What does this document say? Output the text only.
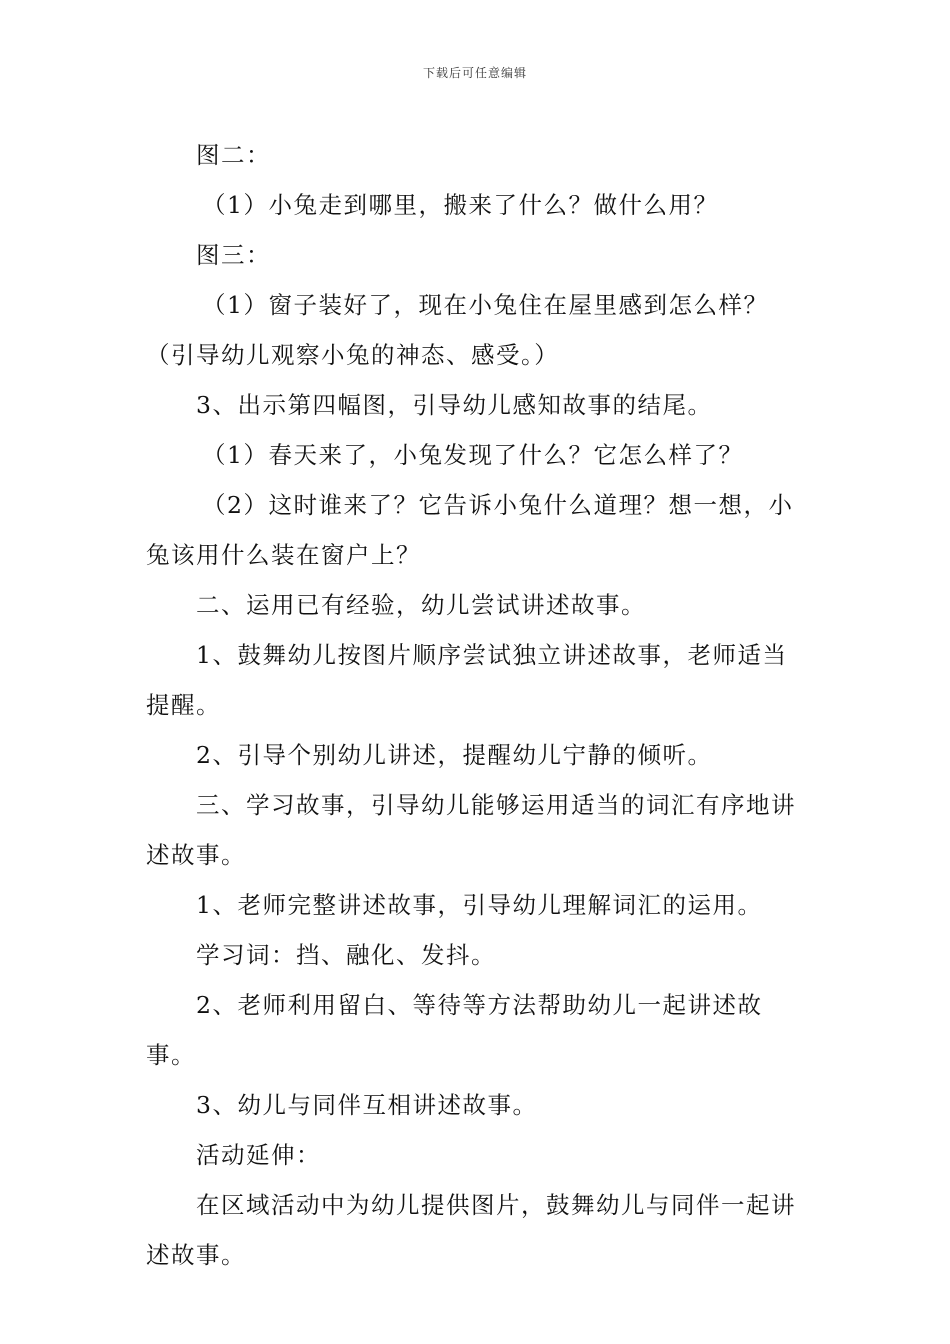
下载后可任意编辑

图二：

（1）小兔走到哪里，搬来了什么？做什么用？

图三：

（1）窗子装好了，现在小兔住在屋里感到怎么样？（引导幼儿观察小兔的神态、感受。）

3、出示第四幅图，引导幼儿感知故事的结尾。

（1）春天来了，小兔发现了什么？它怎么样了？

（2）这时谁来了？它告诉小兔什么道理？想一想，小兔该用什么装在窗户上？

二、运用已有经验，幼儿尝试讲述故事。

1、鼓舞幼儿按图片顺序尝试独立讲述故事，老师适当提醒。

2、引导个别幼儿讲述，提醒幼儿宁静的倾听。

三、学习故事，引导幼儿能够运用适当的词汇有序地讲述故事。

1、老师完整讲述故事，引导幼儿理解词汇的运用。

学习词：挡、融化、发抖。

2、老师利用留白、等待等方法帮助幼儿一起讲述故事。

3、幼儿与同伴互相讲述故事。

活动延伸：

在区域活动中为幼儿提供图片，鼓舞幼儿与同伴一起讲述故事。
